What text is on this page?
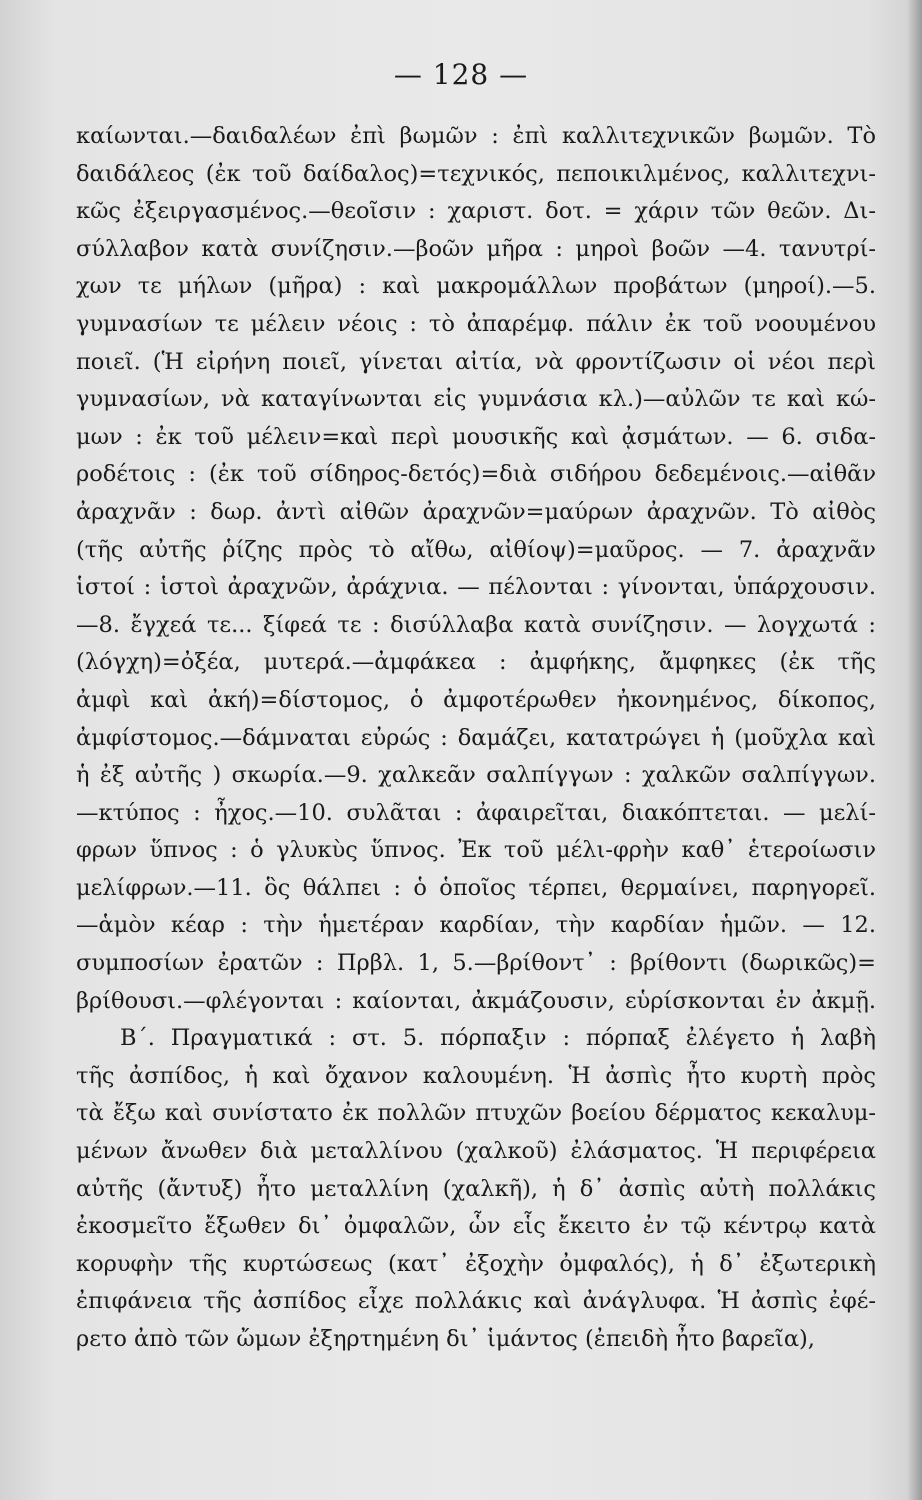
— 128 —
καίωνται.—δαιδαλέων ἐπὶ βωμῶν : ἐπὶ καλλιτεχνικῶν βωμῶν. Τὸ
δαιδάλεος (ἐκ τοῦ δαίδαλος)=τεχνικός, πεποικιλμένος, καλλιτεχνι-
κῶς ἐξειργασμένος.—θεοῖσιν : χαριστ. δοτ. = χάριν τῶν θεῶν. Δι-
σύλλαβον κατὰ συνίζησιν.—βοῶν μῆρα : μηροὶ βοῶν —4. τανυτρί-
χων τε μήλων (μῆρα) : καὶ μακρομάλλων προβάτων (μηροί).—5.
γυμνασίων τε μέλειν νέοις : τὸ ἀπαρέμφ. πάλιν ἐκ τοῦ νοουμένου
ποιεῖ. (Ἡ εἰρήνη ποιεῖ, γίνεται αἰτία, νὰ φροντίζωσιν οἱ νέοι περὶ
γυμνασίων, νὰ καταγίνωνται εἰς γυμνάσια κλ.)—αὐλῶν τε καὶ κώ-
μων : ἐκ τοῦ μέλειν=καὶ περὶ μουσικῆς καὶ ᾀσμάτων. — 6. σιδα-
ροδέτοις : (ἐκ τοῦ σίδηρος-δετός)=διὰ σιδήρου δεδεμένοις.—αἰθᾶν
ἀραχνᾶν : δωρ. ἀντὶ αἰθῶν ἀραχνῶν=μαύρων ἀραχνῶν. Τὸ αἰθὸς
(τῆς αὐτῆς ῥίζης πρὸς τὸ αἴθω, αἰθίοψ)=μαῦρος. — 7. ἀραχνᾶν
ἱστοί : ἱστοὶ ἀραχνῶν, ἀράχνια. — πέλονται : γίνονται, ὑπάρχουσιν.
—8. ἔγχεά τε... ξίφεά τε : δισύλλαβα κατὰ συνίζησιν. — λογχωτά :
(λόγχη)=ὀξέα, μυτερά.—ἀμφάκεα : ἀμφήκης, ἄμφηκες (ἐκ τῆς
ἀμφὶ καὶ ἀκή)=δίστομος, ὁ ἀμφοτέρωθεν ἠκονημένος, δίκοπος,
ἀμφίστομος.—δάμναται εὐρώς : δαμάζει, κατατρώγει ἡ (μοῦχλα καὶ
ἡ ἐξ αὐτῆς ) σκωρία.—9. χαλκεᾶν σαλπίγγων : χαλκῶν σαλπίγγων.
—κτύπος : ἦχος.—10. συλᾶται : ἀφαιρεῖται, διακόπτεται. — μελί-
φρων ὕπνος : ὁ γλυκὺς ὕπνος. Ἐκ τοῦ μέλι-φρὴν καθ᾽ ἑτεροίωσιν
μελίφρων.—11. ὃς θάλπει : ὁ ὁποῖος τέρπει, θερμαίνει, παρηγορεῖ.
—ἁμὸν κέαρ : τὴν ἡμετέραν καρδίαν, τὴν καρδίαν ἡμῶν. — 12.
συμποσίων ἐρατῶν : Πρβλ. 1, 5.—βρίθοντ᾽ : βρίθοντι (δωρικῶς)=
βρίθουσι.—φλέγονται : καίονται, ἀκμάζουσιν, εὑρίσκονται ἐν ἀκμῇ.
Β΄. Πραγματικά : στ. 5. πόρπαξιν : πόρπαξ ἐλέγετο ἡ λαβὴ
τῆς ἀσπίδος, ἡ καὶ ὄχανον καλουμένη. Ἡ ἀσπὶς ἦτο κυρτὴ πρὸς
τὰ ἔξω καὶ συνίστατο ἐκ πολλῶν πτυχῶν βοείου δέρματος κεκαλυμ-
μένων ἄνωθεν διὰ μεταλλίνου (χαλκοῦ) ἐλάσματος. Ἡ περιφέρεια
αὐτῆς (ἄντυξ) ἦτο μεταλλίνη (χαλκῆ), ἡ δ᾽ ἀσπὶς αὐτὴ πολλάκις
ἐκοσμεῖτο ἔξωθεν δι᾽ ὀμφαλῶν, ὧν εἷς ἔκειτο ἐν τῷ κέντρῳ κατὰ
κορυφὴν τῆς κυρτώσεως (κατ᾽ ἐξοχὴν ὀμφαλός), ἡ δ᾽ ἐξωτερικὴ
ἐπιφάνεια τῆς ἀσπίδος εἶχε πολλάκις καὶ ἀνάγλυφα. Ἡ ἀσπὶς ἐφέ-
ρετο ἀπὸ τῶν ὤμων ἐξηρτημένη δι᾽ ἱμάντος (ἐπειδὴ ἦτο βαρεῖα),
